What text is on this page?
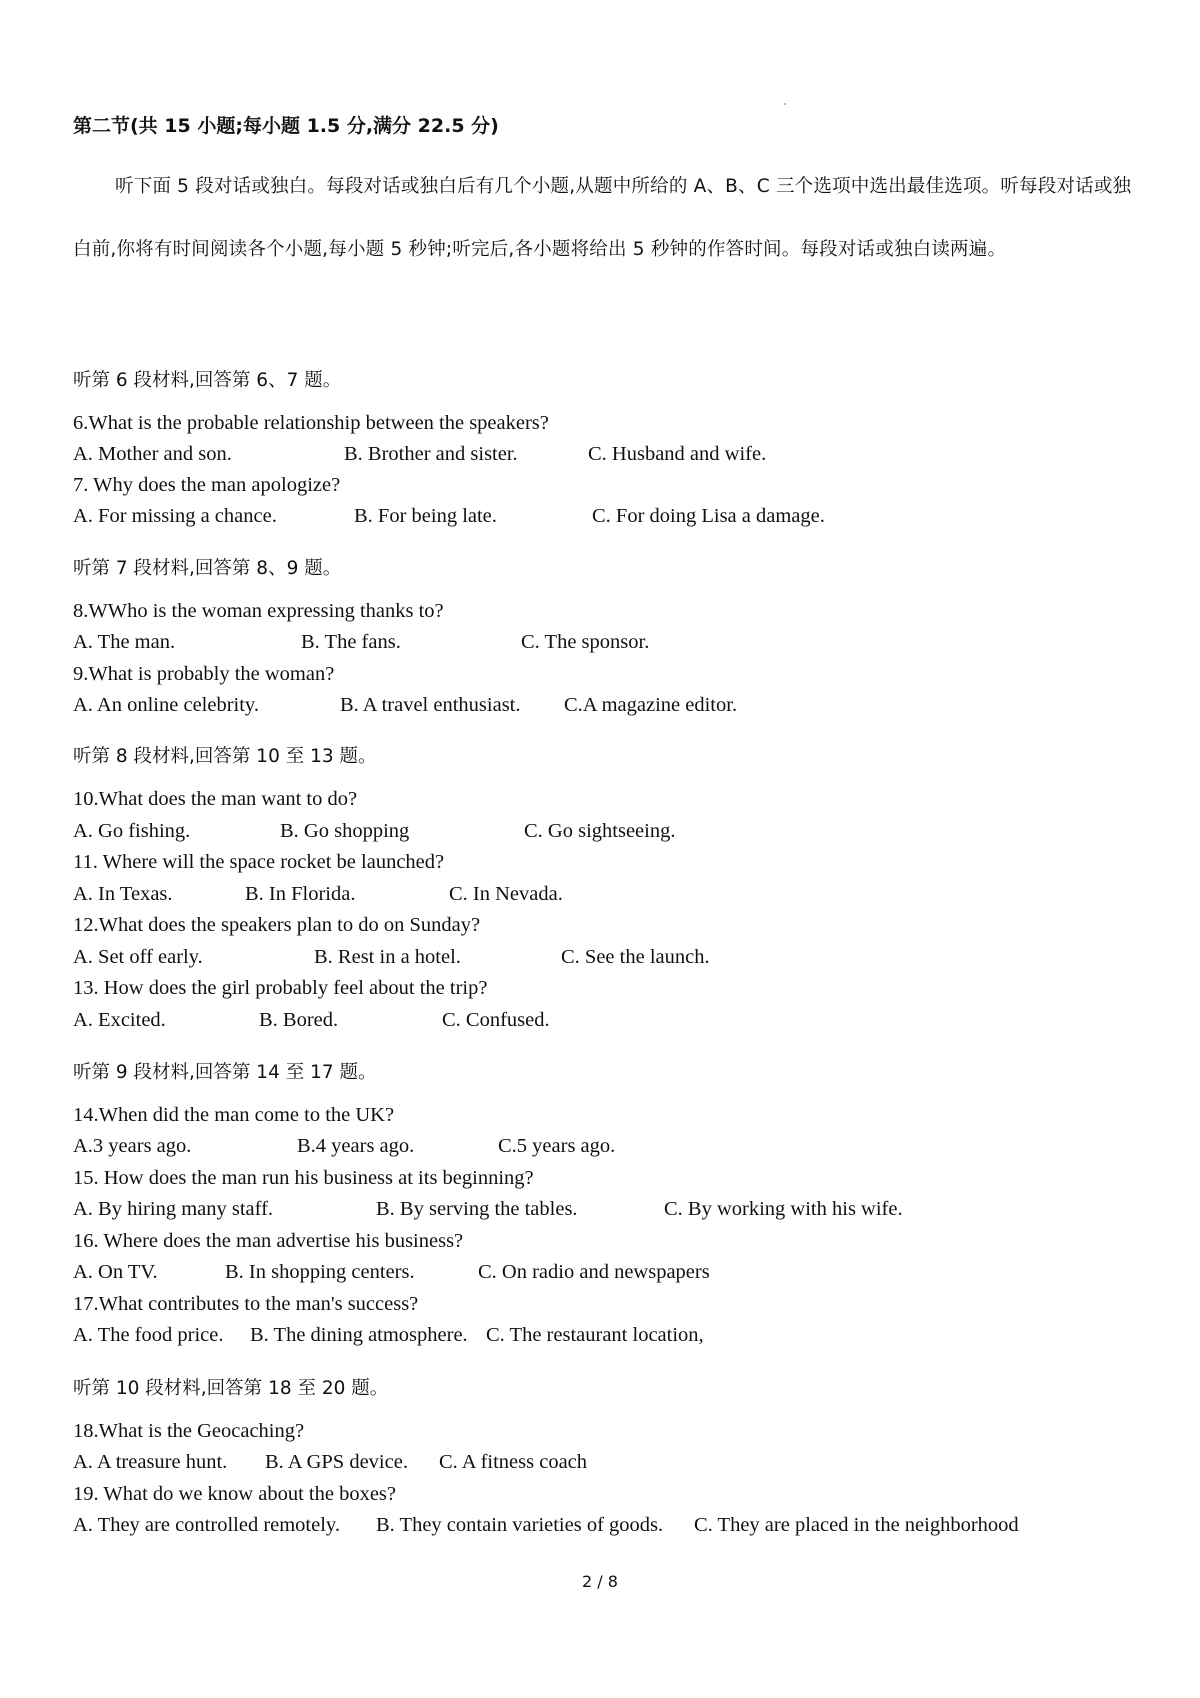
第二节(共 15 小题;每小题 1.5 分,满分 22.5 分)
听下面 5 段对话或独白。每段对话或独白后有几个小题,从题中所给的 A、B、C 三个选项中选出最佳选项。听每段对话或独白前,你将有时间阅读各个小题,每小题 5 秒钟;听完后,各小题将给出 5 秒钟的作答时间。每段对话或独白读两遍。
听第 6 段材料,回答第 6、7 题。
6.What is the probable relationship between the speakers?
A. Mother and son.	B. Brother and sister.	C. Husband and wife.
7. Why does the man apologize?
A. For missing a chance.	B. For being late.	C. For doing Lisa a damage.
听第 7 段材料,回答第 8、9 题。
8.WWho is the woman expressing thanks to?
A. The man.	B. The fans.	C. The sponsor.
9.What is probably the woman?
A. An online celebrity.	B. A travel enthusiast. C.A magazine editor.
听第 8 段材料,回答第 10 至 13 题。
10.What does the man want to do?
A. Go fishing.	B. Go shopping	C. Go sightseeing.
11. Where will the space rocket be launched?
A. In Texas.	B. In Florida.	C. In Nevada.
12.What does the speakers plan to do on Sunday?
A. Set off early.	B. Rest in a hotel.	C. See the launch.
13. How does the girl probably feel about the trip?
A. Excited.	B. Bored.	C. Confused.
听第 9 段材料,回答第 14 至 17 题。
14.When did the man come to the UK?
A.3 years ago.	B.4 years ago.	C.5 years ago.
15. How does the man run his business at its beginning?
A. By hiring many staff.	B. By serving the tables.	C. By working with his wife.
16. Where does the man advertise his business?
A. On TV.	B. In shopping centers.	C. On radio and newspapers
17.What contributes to the man's success?
A. The food price. B. The dining atmosphere. C. The restaurant location,
听第 10 段材料,回答第 18 至 20 题。
18.What is the Geocaching?
A. A treasure hunt. B. A GPS device. C. A fitness coach
19. What do we know about the boxes?
A. They are controlled remotely. B. They contain varieties of goods. C. They are placed in the neighborhood
2 / 8
